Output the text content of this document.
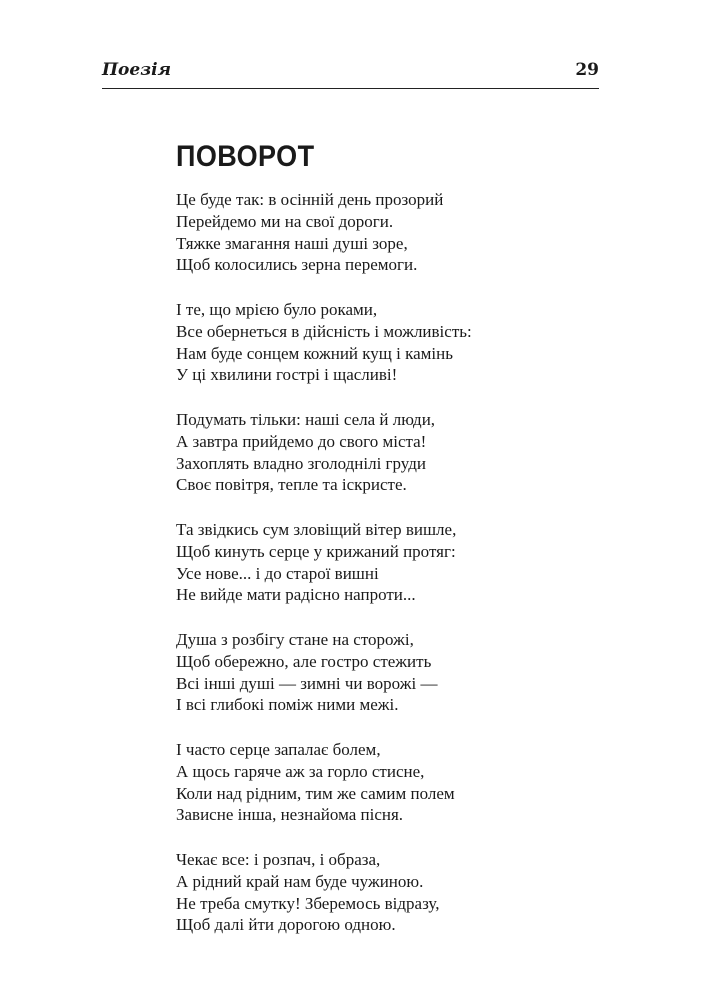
Поезія	29
ПОВОРОТ
Це буде так: в осінній день прозорий
Перейдемо ми на свої дороги.
Тяжке змагання наші душі зоре,
Щоб колосились зерна перемоги.
І те, що мрією було роками,
Все обернеться в дійсність і можливість:
Нам буде сонцем кожний кущ і камінь
У ці хвилини гострі і щасливі!
Подумать тільки: наші села й люди,
А завтра прийдемо до свого міста!
Захоплять владно зголоднілі груди
Своє повітря, тепле та іскристе.
Та звідкись сум зловіщий вітер вишле,
Щоб кинуть серце у крижаний протяг:
Усе нове... і до старої вишні
Не вийде мати радісно напроти...
Душа з розбігу стане на сторожі,
Щоб обережно, але гостро стежить
Всі інші душі — зимні чи ворожі —
І всі глибокі поміж ними межі.
І часто серце запалає болем,
А щось гаряче аж за горло стисне,
Коли над рідним, тим же самим полем
Зависне інша, незнайома пісня.
Чекає все: і розпач, і образа,
А рідний край нам буде чужиною.
Не треба смутку! Зберемось відразу,
Щоб далі йти дорогою одною.
